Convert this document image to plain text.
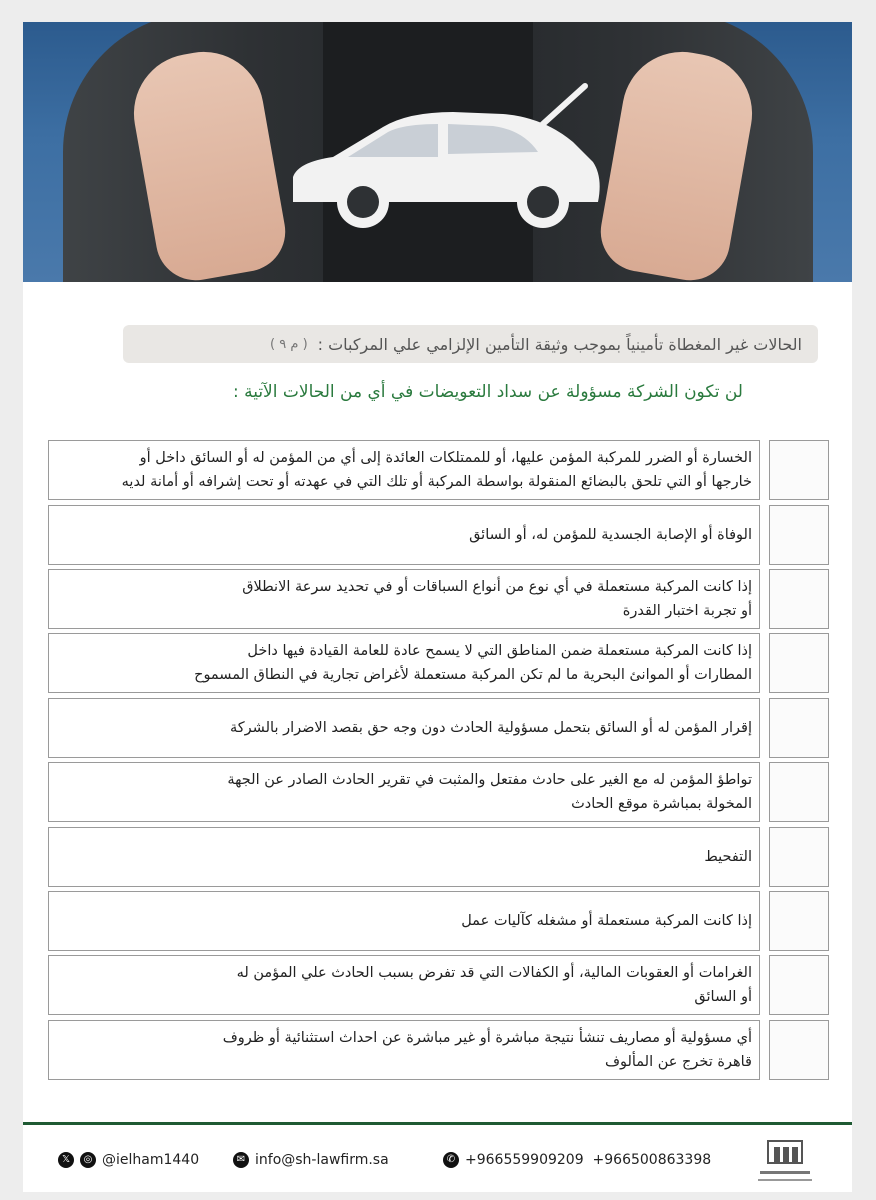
الحالات غير المغطاة تأمينياً بموجب وثيقة التأمين الإلزامي علي المركبات :
( م ٩ )
لن تكون الشركة مسؤولة عن سداد التعويضات في أي من الحالات الآتية :
الخسارة أو الضرر للمركبة المؤمن عليها، أو للممتلكات العائدة إلى أي من المؤمن له أو السائق داخل أو
خارجها أو التي تلحق بالبضائع المنقولة بواسطة المركبة أو تلك التي في عهدته أو تحت إشرافه أو أمانة لديه
الوفاة أو الإصابة الجسدية للمؤمن له، أو السائق
إذا كانت المركبة مستعملة في أي نوع من أنواع السباقات أو في تحديد سرعة الانطلاق
أو تجربة اختبار القدرة
إذا كانت المركبة مستعملة ضمن المناطق التي لا يسمح عادة للعامة القيادة فيها داخل
المطارات أو الموانئ البحرية ما لم تكن المركبة مستعملة لأغراض تجارية في النطاق المسموح
إقرار المؤمن له أو السائق بتحمل مسؤولية الحادث دون وجه حق بقصد الاضرار بالشركة
تواطؤ المؤمن له مع الغير على حادث مفتعل والمثبت في تقرير الحادث الصادر عن الجهة
المخولة بمباشرة موقع الحادث
التفحيط
إذا كانت المركبة مستعملة أو مشغله كآليات عمل
الغرامات أو العقوبات المالية، أو الكفالات التي قد تفرض بسبب الحادث علي المؤمن له
أو السائق
أي مسؤولية أو مصاريف تنشأ نتيجة مباشرة أو غير مباشرة عن احداث استثنائية أو ظروف
قاهرة تخرج عن المألوف
𝕏	◎ @ielham1440	✉ info@sh-lawfirm.sa	✆ +966559909209  +966500863398
